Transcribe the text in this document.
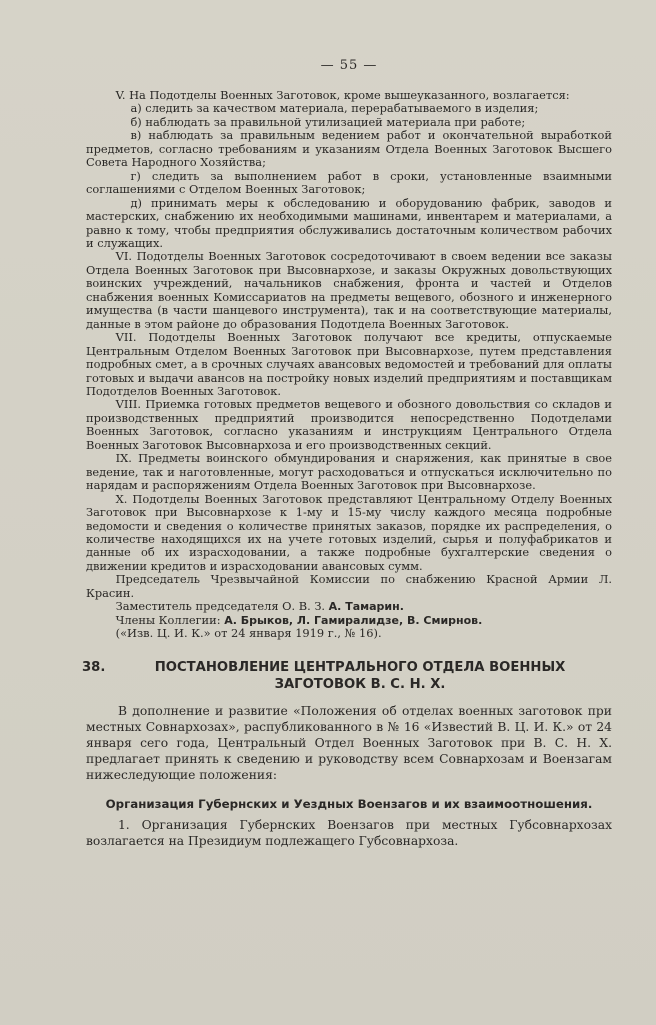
— 55 —

V. На Подотделы Военных Заготовок, кроме вышеуказанного, возлагается:

а) следить за качеством материала, перерабатываемого в изделия;

б) наблюдать за правильной утилизацией материала при работе;

в) наблюдать за правильным ведением работ и окончательной выработкой предметов, согласно требованиям и указаниям Отдела Военных Заготовок Высшего Совета Народного Хозяйства;

г) следить за выполнением работ в сроки, установленные взаимными соглашениями с Отделом Военных Заготовок;

д) принимать меры к обследованию и оборудованию фабрик, заводов и мастерских, снабжению их необходимыми машинами, инвентарем и материалами, а равно к тому, чтобы предприятия обслуживались достаточным количеством рабочих и служащих.

VI. Подотделы Военных Заготовок сосредоточивают в своем ведении все заказы Отдела Военных Заготовок при Высовнархозе, и заказы Окружных довольствующих воинских учреждений, начальников снабжения, фронта и частей и Отделов снабжения военных Комиссариатов на предметы вещевого, обозного и инженерного имущества (в части шанцевого инструмента), так и на соответствующие материалы, данные в этом районе до образования Подотдела Военных Заготовок.

VII. Подотделы Военных Заготовок получают все кредиты, отпускаемые Центральным Отделом Военных Заготовок при Высовнархозе, путем представления подробных смет, а в срочных случаях авансовых ведомостей и требований для оплаты готовых и выдачи авансов на постройку новых изделий предприятиям и поставщикам Подотделов Военных Заготовок.

VIII. Приемка готовых предметов вещевого и обозного довольствия со складов и производственных предприятий производится непосредственно Подотделами Военных Заготовок, согласно указаниям и инструкциям Центрального Отдела Военных Заготовок Высовнархоза и его производственных секций.

IX. Предметы воинского обмундирования и снаряжения, как принятые в свое ведение, так и наготовленные, могут расходоваться и отпускаться исключительно по нарядам и распоряжениям Отдела Военных Заготовок при Высовнархозе.

X. Подотделы Военных Заготовок представляют Центральному Отделу Военных Заготовок при Высовнархозе к 1-му и 15-му числу каждого месяца подробные ведомости и сведения о количестве принятых заказов, порядке их распределения, о количестве находящихся их на учете готовых изделий, сырья и полуфабрикатов и данные об их израсходовании, а также подробные бухгалтерские сведения о движении кредитов и израсходовании авансовых сумм.

Председатель Чрезвычайной Комиссии по снабжению Красной Армии Л. Красин.

Заместитель председателя О. В. З. А. Тамарин.

Члены Коллегии: А. Брыков, Л. Гамиралидзе, В. Смирнов.

(«Изв. Ц. И. К.» от 24 января 1919 г., № 16).

38.	ПОСТАНОВЛЕНИЕ ЦЕНТРАЛЬНОГО ОТДЕЛА ВОЕННЫХ ЗАГОТОВОК В. С. Н. Х.

В дополнение и развитие «Положения об отделах военных заготовок при местных Совнархозах», распубликованного в № 16 «Известий В. Ц. И. К.» от 24 января сего года, Центральный Отдел Военных Заготовок при В. С. Н. Х. предлагает принять к сведению и руководству всем Совнархозам и Воензагам нижеследующие положения:

Организация Губернских и Уездных Воензагов и их взаимоотношения.

1. Организация Губернских Воензагов при местных Губсовнархозах возлагается на Президиум подлежащего Губсовнархоза.
